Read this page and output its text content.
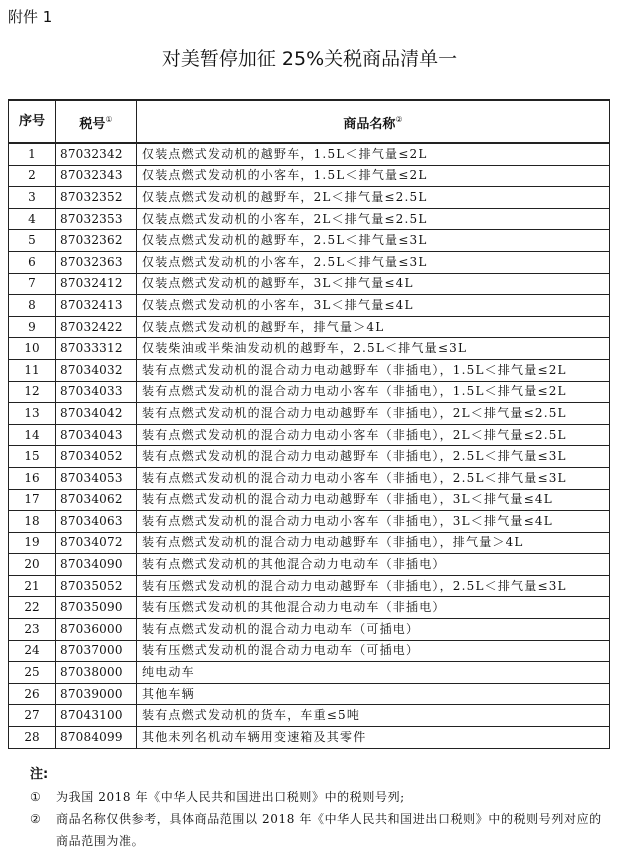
附件 1
对美暂停加征 25%关税商品清单一
序号	税号①	商品名称②
1	87032342	仅装点燃式发动机的越野车，1.5L＜排气量≤2L
2	87032343	仅装点燃式发动机的小客车，1.5L＜排气量≤2L
3	87032352	仅装点燃式发动机的越野车，2L＜排气量≤2.5L
4	87032353	仅装点燃式发动机的小客车，2L＜排气量≤2.5L
5	87032362	仅装点燃式发动机的越野车，2.5L＜排气量≤3L
6	87032363	仅装点燃式发动机的小客车，2.5L＜排气量≤3L
7	87032412	仅装点燃式发动机的越野车，3L＜排气量≤4L
8	87032413	仅装点燃式发动机的小客车，3L＜排气量≤4L
9	87032422	仅装点燃式发动机的越野车，排气量＞4L
10	87033312	仅装柴油或半柴油发动机的越野车，2.5L＜排气量≤3L
11	87034032	装有点燃式发动机的混合动力电动越野车（非插电），1.5L＜排气量≤2L
12	87034033	装有点燃式发动机的混合动力电动小客车（非插电），1.5L＜排气量≤2L
13	87034042	装有点燃式发动机的混合动力电动越野车（非插电），2L＜排气量≤2.5L
14	87034043	装有点燃式发动机的混合动力电动小客车（非插电），2L＜排气量≤2.5L
15	87034052	装有点燃式发动机的混合动力电动越野车（非插电），2.5L＜排气量≤3L
16	87034053	装有点燃式发动机的混合动力电动小客车（非插电），2.5L＜排气量≤3L
17	87034062	装有点燃式发动机的混合动力电动越野车（非插电），3L＜排气量≤4L
18	87034063	装有点燃式发动机的混合动力电动小客车（非插电），3L＜排气量≤4L
19	87034072	装有点燃式发动机的混合动力电动越野车（非插电），排气量＞4L
20	87034090	装有点燃式发动机的其他混合动力电动车（非插电）
21	87035052	装有压燃式发动机的混合动力电动越野车（非插电），2.5L＜排气量≤3L
22	87035090	装有压燃式发动机的其他混合动力电动车（非插电）
23	87036000	装有点燃式发动机的混合动力电动车（可插电）
24	87037000	装有压燃式发动机的混合动力电动车（可插电）
25	87038000	纯电动车
26	87039000	其他车辆
27	87043100	装有点燃式发动机的货车，车重≤5吨
28	87084099	其他未列名机动车辆用变速箱及其零件
注:
①	为我国 2018 年《中华人民共和国进出口税则》中的税则号列;
②	商品名称仅供参考，具体商品范围以 2018 年《中华人民共和国进出口税则》中的税则号列对应的商品范围为准。
